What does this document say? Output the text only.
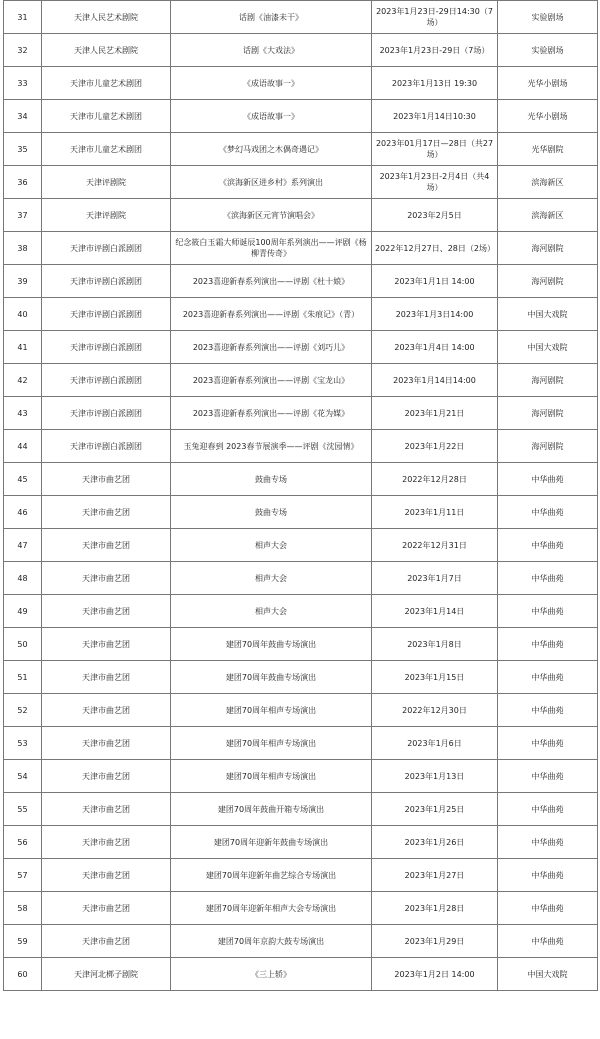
31	天津人民艺术剧院	话剧《油漆未干》	2023年1月23日-29日14:30（7场）	实验剧场
32	天津人民艺术剧院	话剧《大戏法》	2023年1月23日-29日（7场）	实验剧场
33	天津市儿童艺术剧团	《成语故事一》	2023年1月13日 19:30	光华小剧场
34	天津市儿童艺术剧团	《成语故事一》	2023年1月14日10:30	光华小剧场
35	天津市儿童艺术剧团	《梦幻马戏团之木偶奇遇记》	2023年01月17日—28日（共27场）	光华剧院
36	天津评剧院	《滨海新区进乡村》系列演出	2023年1月23日-2月4日（共4场）	滨海新区
37	天津评剧院	《滨海新区元宵节演唱会》	2023年2月5日	滨海新区
38	天津市评剧白派剧团	纪念筱白玉霜大师诞辰100周年系列演出——评剧《杨柳青传奇》	2022年12月27日、28日（2场）	海河剧院
39	天津市评剧白派剧团	2023喜迎新春系列演出——评剧《杜十娘》	2023年1月1日 14:00	海河剧院
40	天津市评剧白派剧团	2023喜迎新春系列演出——评剧《朱痕记》（青）	2023年1月3日14:00	中国大戏院
41	天津市评剧白派剧团	2023喜迎新春系列演出——评剧《刘巧儿》	2023年1月4日 14:00	中国大戏院
42	天津市评剧白派剧团	2023喜迎新春系列演出——评剧《宝龙山》	2023年1月14日14:00	海河剧院
43	天津市评剧白派剧团	2023喜迎新春系列演出——评剧《花为媒》	2023年1月21日	海河剧院
44	天津市评剧白派剧团	玉兔迎春到 2023春节展演季——评剧《沈园情》	2023年1月22日	海河剧院
45	天津市曲艺团	鼓曲专场	2022年12月28日	中华曲苑
46	天津市曲艺团	鼓曲专场	2023年1月11日	中华曲苑
47	天津市曲艺团	相声大会	2022年12月31日	中华曲苑
48	天津市曲艺团	相声大会	2023年1月7日	中华曲苑
49	天津市曲艺团	相声大会	2023年1月14日	中华曲苑
50	天津市曲艺团	建团70周年鼓曲专场演出	2023年1月8日	中华曲苑
51	天津市曲艺团	建团70周年鼓曲专场演出	2023年1月15日	中华曲苑
52	天津市曲艺团	建团70周年相声专场演出	2022年12月30日	中华曲苑
53	天津市曲艺团	建团70周年相声专场演出	2023年1月6日	中华曲苑
54	天津市曲艺团	建团70周年相声专场演出	2023年1月13日	中华曲苑
55	天津市曲艺团	建团70周年鼓曲开箱专场演出	2023年1月25日	中华曲苑
56	天津市曲艺团	建团70周年迎新年鼓曲专场演出	2023年1月26日	中华曲苑
57	天津市曲艺团	建团70周年迎新年曲艺综合专场演出	2023年1月27日	中华曲苑
58	天津市曲艺团	建团70周年迎新年相声大会专场演出	2023年1月28日	中华曲苑
59	天津市曲艺团	建团70周年京韵大鼓专场演出	2023年1月29日	中华曲苑
60	天津河北梆子剧院	《三上轿》	2023年1月2日 14:00	中国大戏院
